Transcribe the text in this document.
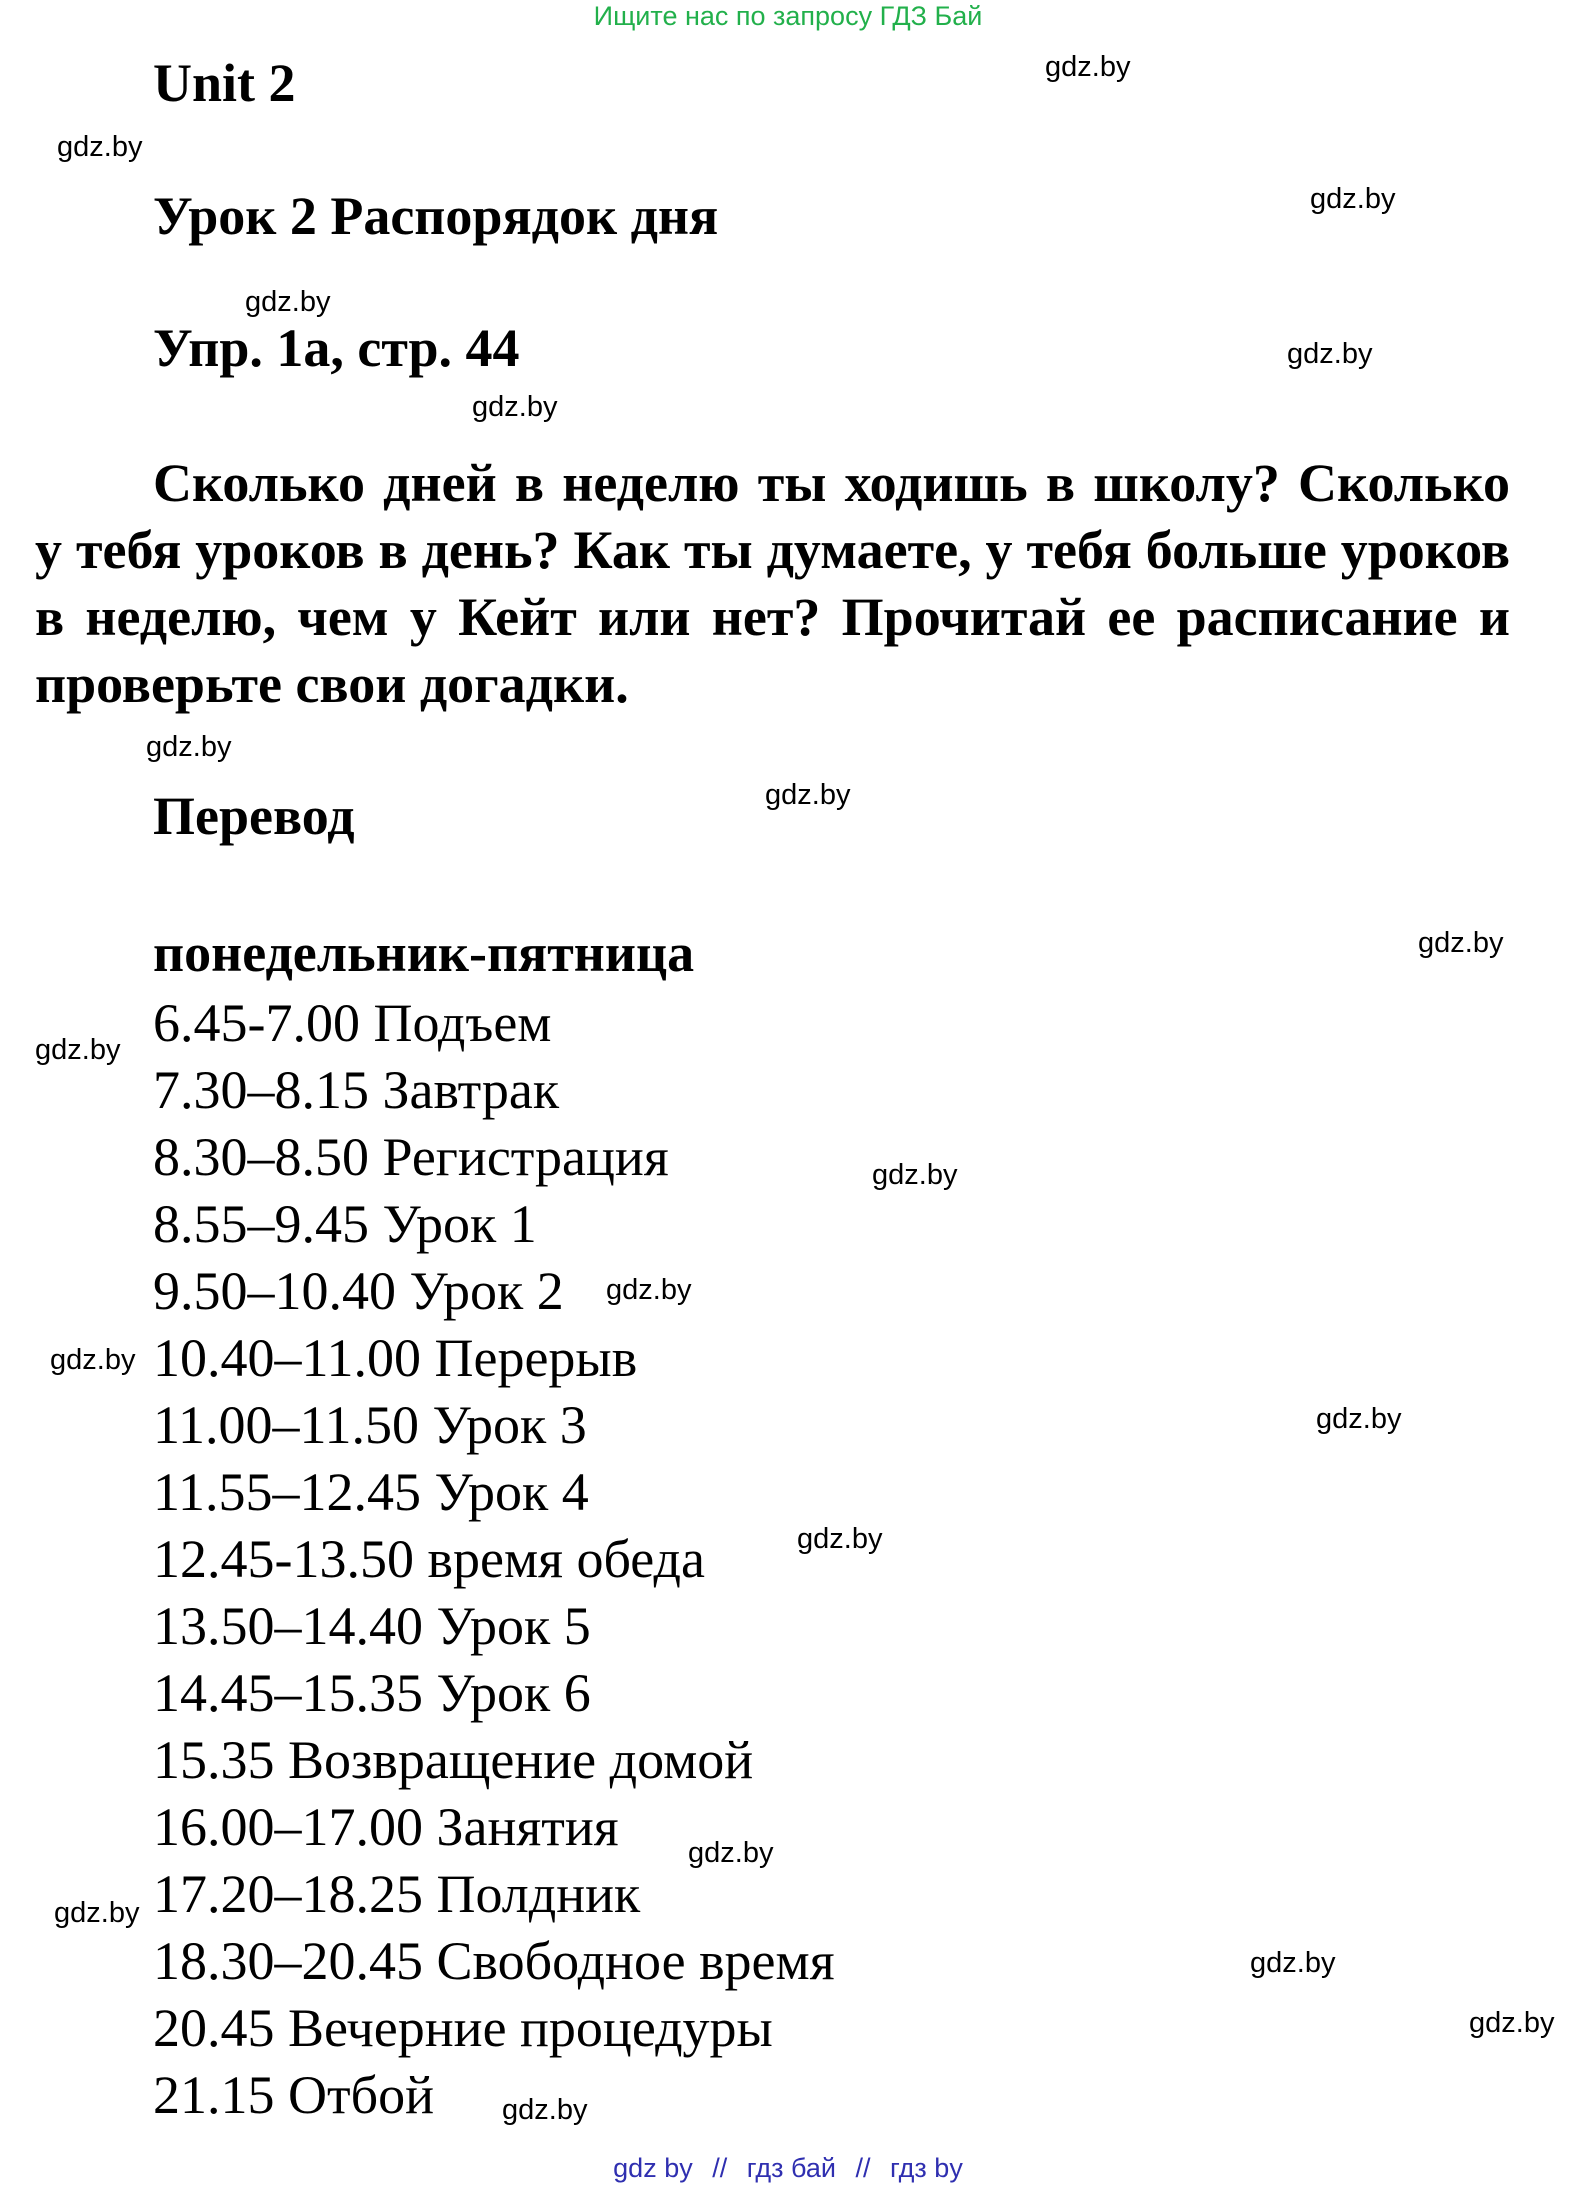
Ищите нас по запросу ГДЗ Бай
Unit 2
Урок 2 Распорядок дня
Упр. 1а, стр. 44
Сколько дней в неделю ты ходишь в школу? Сколько у тебя уроков в день? Как ты думаете, у тебя больше уроков в неделю, чем у Кейт или нет? Прочитай ее расписание и проверьте свои догадки.
Перевод
понедельник-пятница
6.45-7.00 Подъем
7.30–8.15 Завтрак
8.30–8.50 Регистрация
8.55–9.45 Урок 1
9.50–10.40 Урок 2
10.40–11.00 Перерыв
11.00–11.50 Урок 3
11.55–12.45 Урок 4
12.45-13.50 время обеда
13.50–14.40 Урок 5
14.45–15.35 Урок 6
15.35 Возвращение домой
16.00–17.00 Занятия
17.20–18.25 Полдник
18.30–20.45 Свободное время
20.45 Вечерние процедуры
21.15 Отбой
gdz.by
gdz.by
gdz.by
gdz.by
gdz.by
gdz.by
gdz.by
gdz.by
gdz.by
gdz.by
gdz.by
gdz.by
gdz.by
gdz.by
gdz.by
gdz.by
gdz.by
gdz.by
gdz.by
gdz.by
gdz by // гдз бай // гдз by
